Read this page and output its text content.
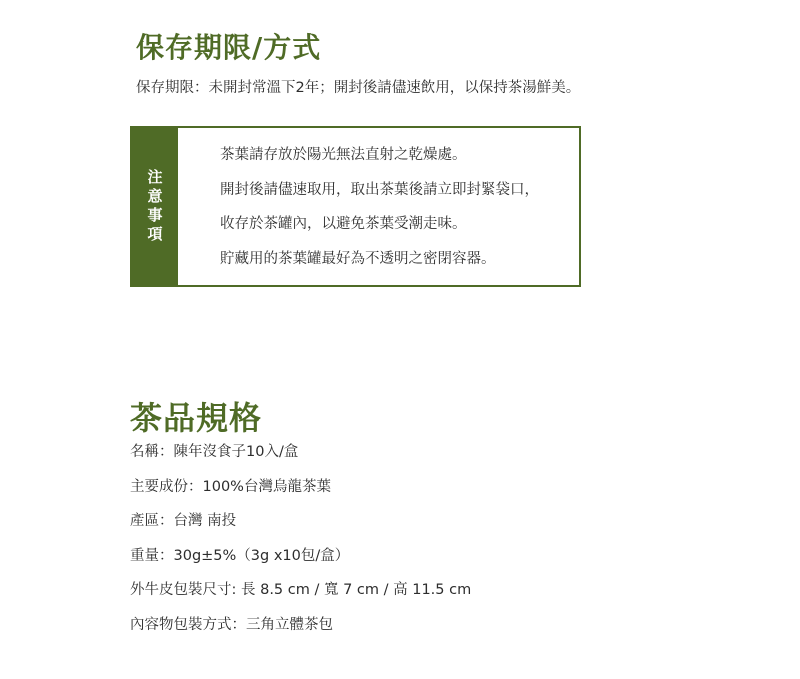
保存期限/方式
保存期限：未開封常溫下2年；開封後請儘速飲用，以保持茶湯鮮美。
注意事項
茶葉請存放於陽光無法直射之乾燥處。
開封後請儘速取用，取出茶葉後請立即封緊袋口，
收存於茶罐內，以避免茶葉受潮走味。
貯藏用的茶葉罐最好為不透明之密閉容器。
茶品規格
名稱：陳年沒食子10入/盒
主要成份：100%台灣烏龍茶葉
產區：台灣 南投
重量：30g±5%（3g x10包/盒）
外牛皮包裝尺寸: 長 8.5 cm / 寬 7 cm / 高 11.5 cm
內容物包裝方式：三角立體茶包
